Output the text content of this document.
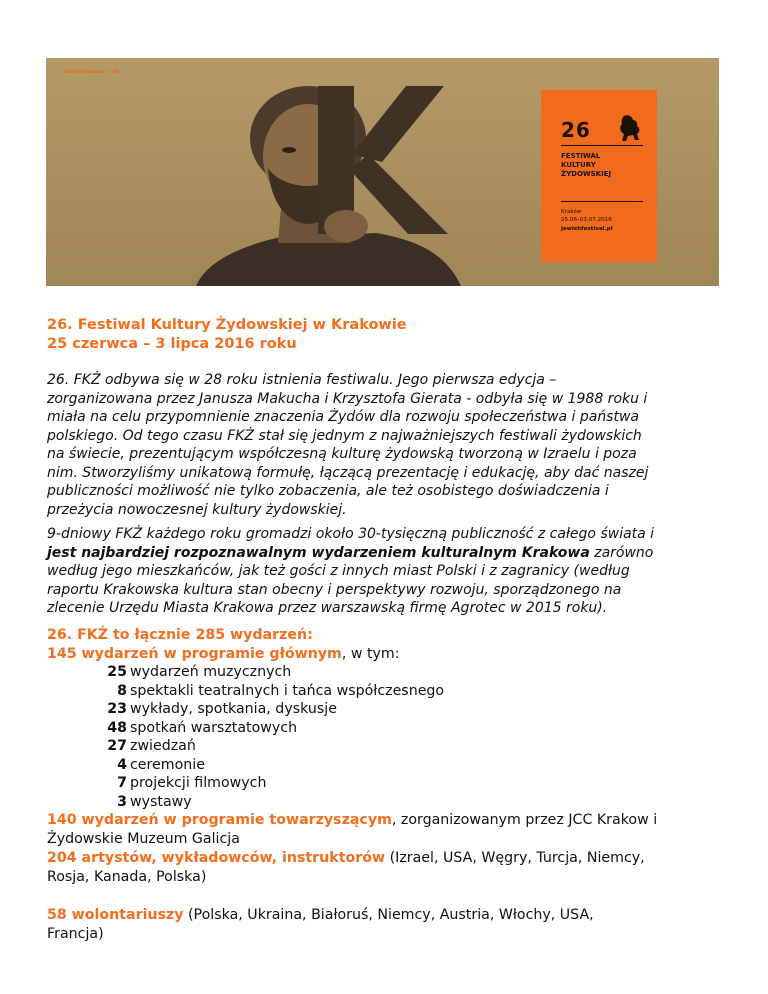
David Krakauer / 99
26
FESTIWAL
KULTURY
ŻYDOWSKIEJ
Kraków
25.06–03.07.2016
jewishfestival.pl
26. Festiwal Kultury Żydowskiej w Krakowie
25 czerwca – 3 lipca 2016 roku
26. FKŻ odbywa się w 28 roku istnienia festiwalu. Jego pierwsza edycja –
zorganizowana przez Janusza Makucha i Krzysztofa Gierata - odbyła się w 1988 roku i
miała na celu przypomnienie znaczenia Żydów dla rozwoju społeczeństwa i państwa
polskiego. Od tego czasu FKŻ stał się jednym z najważniejszych festiwali żydowskich
na świecie, prezentującym współczesną kulturę żydowską tworzoną w Izraelu i poza
nim. Stworzyliśmy unikatową formułę, łączącą prezentację i edukację, aby dać naszej
publiczności możliwość nie tylko zobaczenia, ale też osobistego doświadczenia i
przeżycia nowoczesnej kultury żydowskiej.
9-dniowy FKŻ każdego roku gromadzi około 30-tysięczną publiczność z całego świata i
jest najbardziej rozpoznawalnym wydarzeniem kulturalnym Krakowa zarówno
według jego mieszkańców, jak też gości z innych miast Polski i z zagranicy (według
raportu Krakowska kultura stan obecny i perspektywy rozwoju, sporządzonego na
zlecenie Urzędu Miasta Krakowa przez warszawską firmę Agrotec w 2015 roku).
26. FKŻ to łącznie 285 wydarzeń:
145 wydarzeń w programie głównym, w tym:
25 wydarzeń muzycznych
8 spektakli teatralnych i tańca współczesnego
23 wykłady, spotkania, dyskusje
48 spotkań warsztatowych
27 zwiedzań
4 ceremonie
7 projekcji filmowych
3 wystawy
140 wydarzeń w programie towarzyszącym, zorganizowanym przez JCC Krakow i
Żydowskie Muzeum Galicja
204 artystów, wykładowców, instruktorów (Izrael, USA, Węgry, Turcja, Niemcy,
Rosja, Kanada, Polska)
58 wolontariuszy (Polska, Ukraina, Białoruś, Niemcy, Austria, Włochy, USA,
Francja)
